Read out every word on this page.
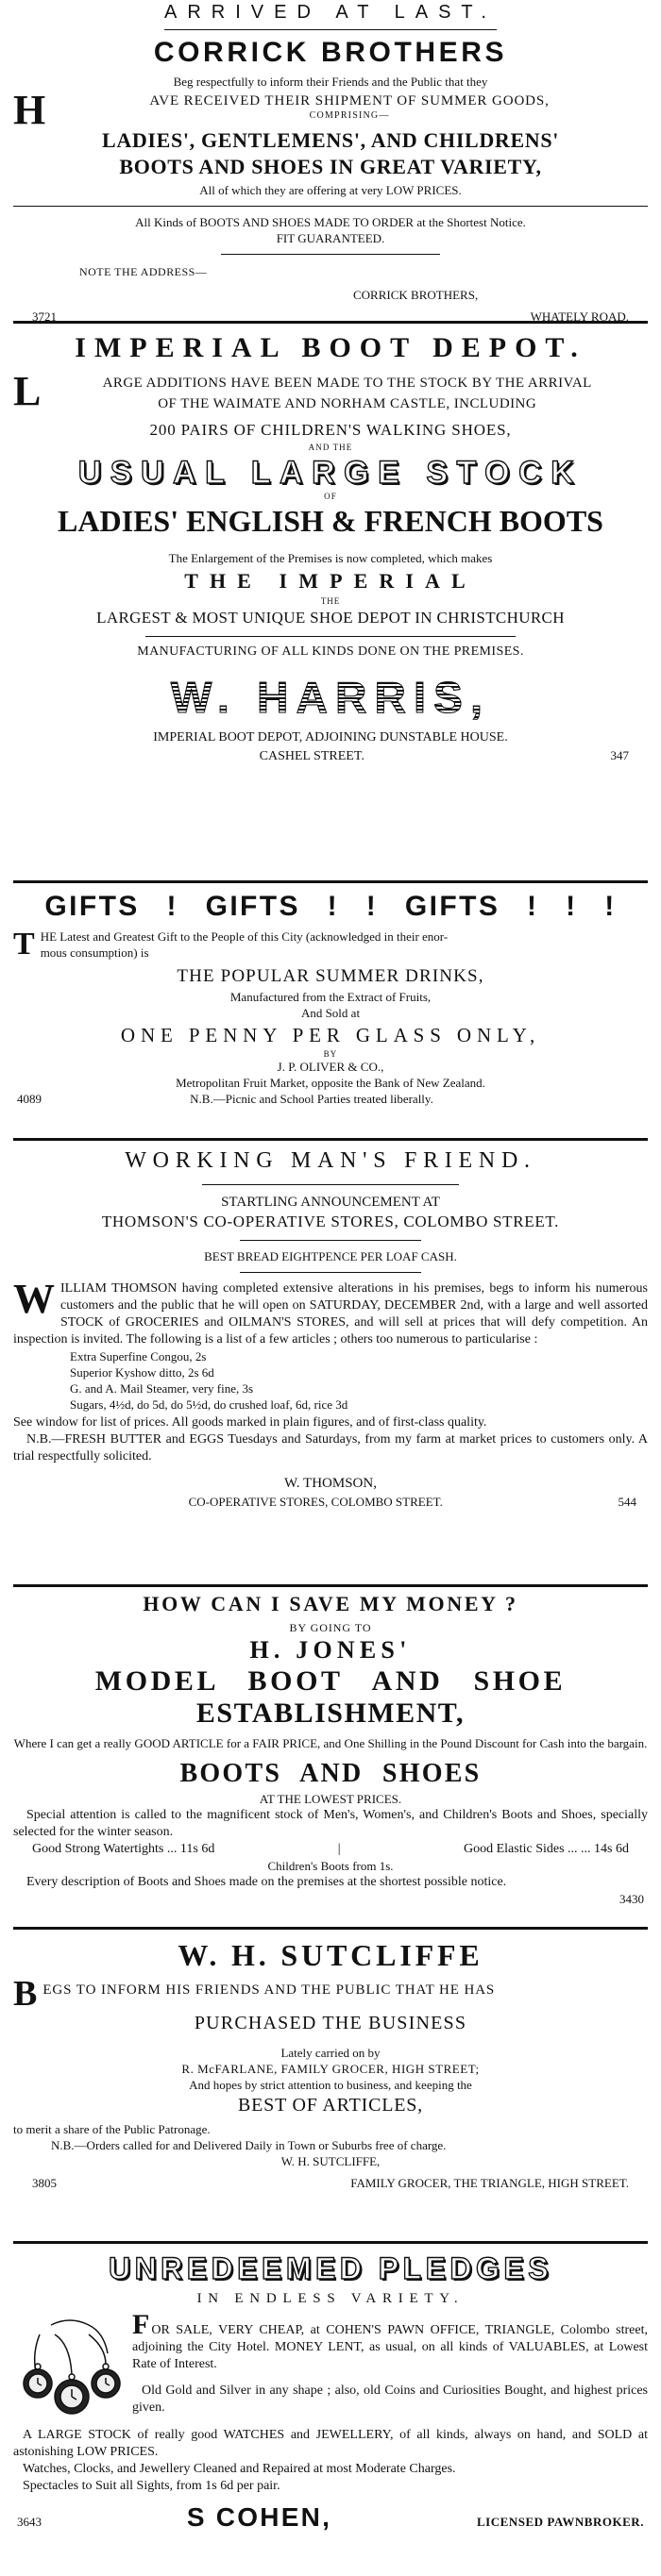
ARRIVED AT LAST.
CORRICK BROTHERS
Beg respectfully to inform their Friends and the Public that they
H	AVE RECEIVED THEIR SHIPMENT OF SUMMER GOODS,
COMPRISING—
LADIES', GENTLEMENS', AND CHILDRENS'
BOOTS AND SHOES IN GREAT VARIETY,
All of which they are offering at very LOW PRICES.
All Kinds of BOOTS AND SHOES MADE TO ORDER at the Shortest Notice.
FIT GUARANTEED.
NOTE THE ADDRESS—
CORRICK BROTHERS,
3721	WHATELY ROAD.
IMPERIAL BOOT DEPOT.
L	ARGE ADDITIONS HAVE BEEN MADE TO THE STOCK BY THE ARRIVAL
OF THE WAIMATE AND NORHAM CASTLE, INCLUDING
200 PAIRS OF CHILDREN'S WALKING SHOES,
AND THE
USUAL LARGE STOCK
OF
LADIES' ENGLISH & FRENCH BOOTS
The Enlargement of the Premises is now completed, which makes
THE IMPERIAL
THE
LARGEST & MOST UNIQUE SHOE DEPOT IN CHRISTCHURCH
MANUFACTURING OF ALL KINDS DONE ON THE PREMISES.
W. HARRIS,
IMPERIAL BOOT DEPOT, ADJOINING DUNSTABLE HOUSE.
CASHEL STREET.	347
GIFTS ! GIFTS ! ! GIFTS ! ! !
T HE Latest and Greatest Gift to the People of this City (acknowledged in their enor-
mous consumption) is
THE POPULAR SUMMER DRINKS,
Manufactured from the Extract of Fruits,
And Sold at
ONE PENNY PER GLASS ONLY,
BY
J. P. OLIVER & CO.,
Metropolitan Fruit Market, opposite the Bank of New Zealand.
4089	N.B.—Picnic and School Parties treated liberally.
WORKING MAN'S FRIEND.
STARTLING ANNOUNCEMENT AT
THOMSON'S CO-OPERATIVE STORES, COLOMBO STREET.
BEST BREAD EIGHTPENCE PER LOAF CASH.
W ILLIAM THOMSON having completed extensive alterations in his premises, begs to inform his numerous customers and the public that he will open on SATURDAY, DECEMBER 2nd, with a large and well assorted STOCK of GROCERIES and OILMAN'S STORES, and will sell at prices that will defy competition. An inspection is invited. The following is a list of a few articles ; others too numerous to particularise :
Extra Superfine Congou, 2s
Superior Kyshow ditto, 2s 6d
G. and A. Mail Steamer, very fine, 3s
Sugars, 4½d, do 5d, do 5½d, do crushed loaf, 6d, rice 3d
See window for list of prices. All goods marked in plain figures, and of first-class quality.
N.B.—FRESH BUTTER and EGGS Tuesdays and Saturdays, from my farm at market prices to customers only. A trial respectfully solicited.
W. THOMSON,
CO-OPERATIVE STORES, COLOMBO STREET.	544
HOW CAN I SAVE MY MONEY ?
BY GOING TO
H. JONES'
MODEL BOOT AND SHOE
ESTABLISHMENT,
Where I can get a really GOOD ARTICLE for a FAIR PRICE, and One Shilling in the Pound Discount for Cash into the bargain.
BOOTS AND SHOES
AT THE LOWEST PRICES.
Special attention is called to the magnificent stock of Men's, Women's, and Children's Boots and Shoes, specially selected for the winter season.
Good Strong Watertights ... 11s 6d	|	Good Elastic Sides ... ... 14s 6d
Children's Boots from 1s.
Every description of Boots and Shoes made on the premises at the shortest possible notice.
3430
W. H. SUTCLIFFE
B EGS TO INFORM HIS FRIENDS AND THE PUBLIC THAT HE HAS
PURCHASED THE BUSINESS
Lately carried on by
R. McFARLANE, FAMILY GROCER, HIGH STREET;
And hopes by strict attention to business, and keeping the
BEST OF ARTICLES,
to merit a share of the Public Patronage.
N.B.—Orders called for and Delivered Daily in Town or Suburbs free of charge.
W. H. SUTCLIFFE,
3805	FAMILY GROCER, THE TRIANGLE, HIGH STREET.
UNREDEEMED PLEDGES
IN ENDLESS VARIETY.
FOR SALE, VERY CHEAP, at COHEN'S PAWN OFFICE, TRIANGLE, Colombo street, adjoining the City Hotel. MONEY LENT, as usual, on all kinds of VALUABLES, at Lowest Rate of Interest.
Old Gold and Silver in any shape ; also, old Coins and Curiosities Bought, and highest prices given.
A LARGE STOCK of really good WATCHES and JEWELLERY, of all kinds, always on hand, and SOLD at astonishing LOW PRICES.
Watches, Clocks, and Jewellery Cleaned and Repaired at most Moderate Charges.
Spectacles to Suit all Sights, from 1s 6d per pair.
3643	S COHEN,	LICENSED PAWNBROKER.
